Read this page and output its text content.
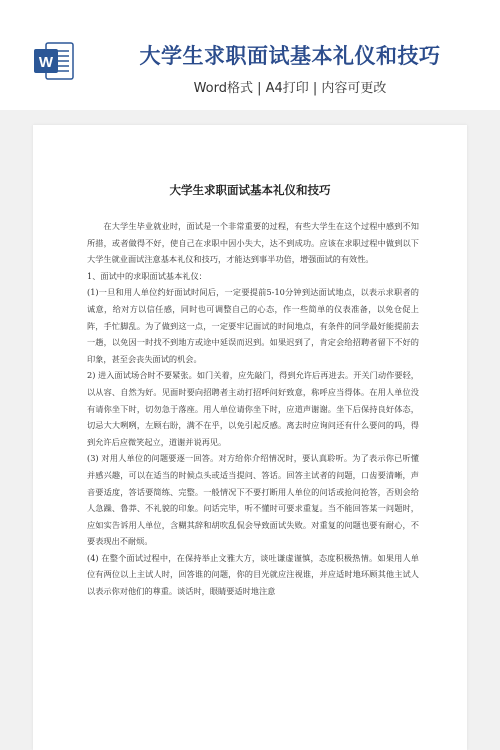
W	大学生求职面试基本礼仪和技巧
Word格式 | A4打印 | 内容可更改
大学生求职面试基本礼仪和技巧

在大学生毕业就业时，面试是一个非常重要的过程，有些大学生在这个过程中感到不知所措，或者做得不好，使自己在求职中因小失大，达不到成功。应该在求职过程中做到以下大学生就业面试注意基本礼仪和技巧，才能达到事半功倍，增强面试的有效性。

1、面试中的求职面试基本礼仪：

(1)一旦和用人单位约好面试时间后，一定要提前5-10分钟到达面试地点，以表示求职者的诚意，给对方以信任感，同时也可调整自己的心态，作一些简单的仪表准备，以免仓促上阵，手忙脚乱。为了做到这一点，一定要牢记面试的时间地点，有条件的同学最好能提前去一趟，以免因一时找不到地方或途中延误而迟到。如果迟到了，肯定会给招聘者留下不好的印象，甚至会丧失面试的机会。

2) 进入面试场合时不要紧张。如门关着，应先敲门，得到允许后再进去。开关门动作要轻，以从容、自然为好。见面时要向招聘者主动打招呼问好致意，称呼应当得体。在用人单位没有请你坐下时，切勿急于落座。用人单位请你坐下时，应道声谢谢。坐下后保持良好体态，切忌大大咧咧，左顾右盼，满不在乎，以免引起反感。离去时应询问还有什么要问的吗，得到允许后应微笑起立，道谢并说再见。

(3) 对用人单位的问题要逐一回答。对方给你介绍情况时，要认真聆听。为了表示你已听懂并感兴趣，可以在适当的时候点头或适当提问、答话。回答主试者的问题，口齿要清晰，声音要适度，答话要简练、完整。一般情况下不要打断用人单位的问话或抢问抢答，否则会给人急躁、鲁莽、不礼貌的印象。问话完毕，听不懂时可要求重复。当不能回答某一问题时，应如实告诉用人单位，含糊其辞和胡吹乱侃会导致面试失败。对重复的问题也要有耐心，不要表现出不耐烦。

(4) 在整个面试过程中，在保持举止文雅大方，谈吐谦虚谨慎，态度积极热情。如果用人单位有两位以上主试人时，回答谁的问题，你的目光就应注视谁，并应适时地环顾其他主试人以表示你对他们的尊重。谈话时，眼睛要适时地注意
